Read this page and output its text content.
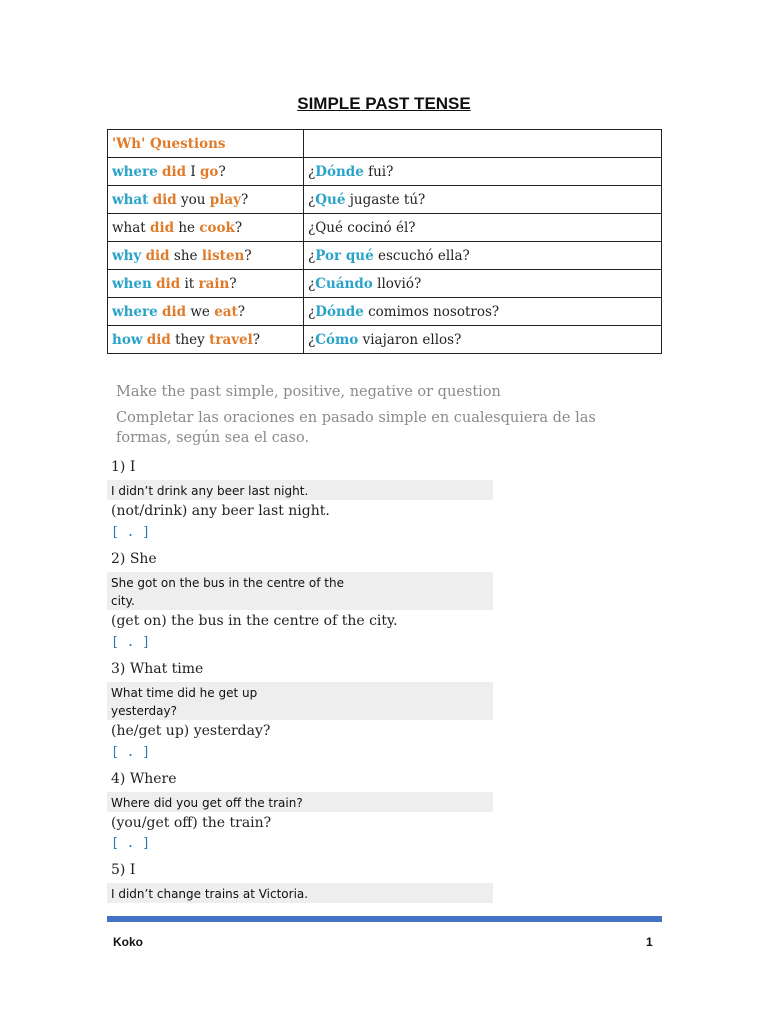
SIMPLE PAST TENSE
'Wh' Questions	
where did I go?	¿Dónde fui?
what did you play?	¿Qué jugaste tú?
what did he cook?	¿Qué cocinó él?
why did she listen?	¿Por qué escuchó ella?
when did it rain?	¿Cuándo llovió?
where did we eat?	¿Dónde comimos nosotros?
how did they travel?	¿Cómo viajaron ellos?
Make the past simple, positive, negative or question
Completar las oraciones en pasado simple en cualesquiera de las formas, según sea el caso.
1) I
I didn’t drink any beer last night.
(not/drink) any beer last night.
[ . ]
2) She
She got on the bus in the centre of the city.
(get on) the bus in the centre of the city.
[ . ]
3) What time
What time did he get up yesterday?
(he/get up) yesterday?
[ . ]
4) Where
Where did you get off the train?
(you/get off) the train?
[ . ]
5) I
I didn’t change trains at Victoria.
Koko	1
